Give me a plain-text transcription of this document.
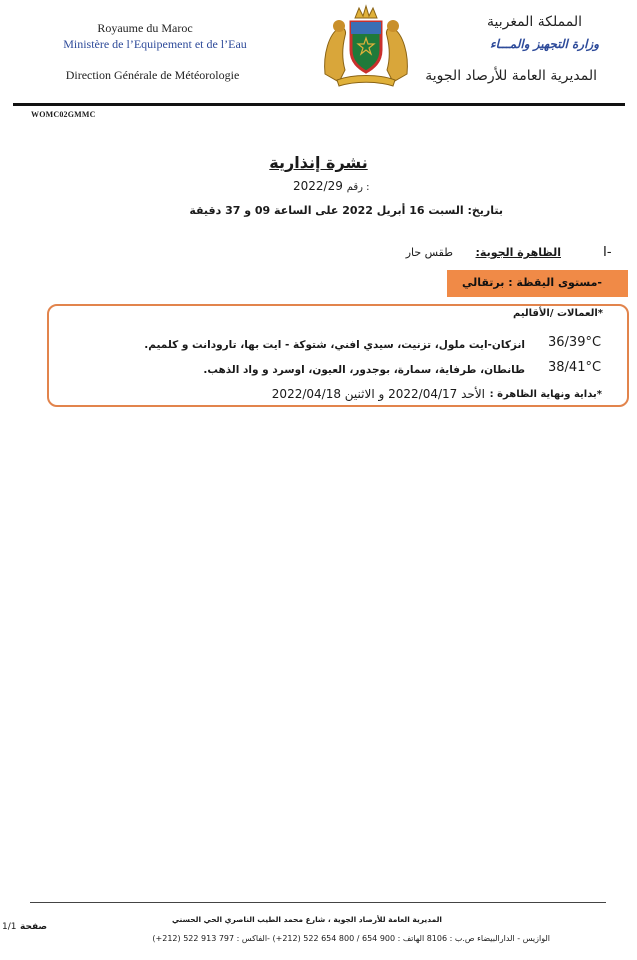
Royaume du Maroc
Ministère de l’Equipement et de l’Eau
Direction Générale de Météorologie
المملكة المغربية
وزارة التجهيز والمـــاء
المديرية العامة للأرصاد الجوية
WOMC02GMMC
نشرة إنذارية
2022/29 رقم :
بتاريخ: السبت 16 أبريل 2022 على الساعة 09 و 37 دقيقة
I-
الظاهرة الجوية:
طقس حار
-مستوى اليقظة : برتقالي
*العمالات /الأقاليم
36/39°C
انزكان-ايت ملول، تزنيت، سيدي افني، شتوكة - ايت بها، تارودانت و كلميم.
38/41°C
طانطان، طرفاية، سمارة، بوجدور، العيون، اوسرد و واد الذهب.
*بداية ونهاية الظاهرة :
الأحد 2022/04/17 و الاثنين 2022/04/18
المديرية العامة للأرصاد الجوية ، شارع محمد الطيب الناصري الحي الحسني
صفحة
1/1
الوازيس - الدارالبيضاء ص.ب : 8106 الهاتف : 900 654 / 800 654 522 (212+) -الفاكس : 797 913 522 (212+)
